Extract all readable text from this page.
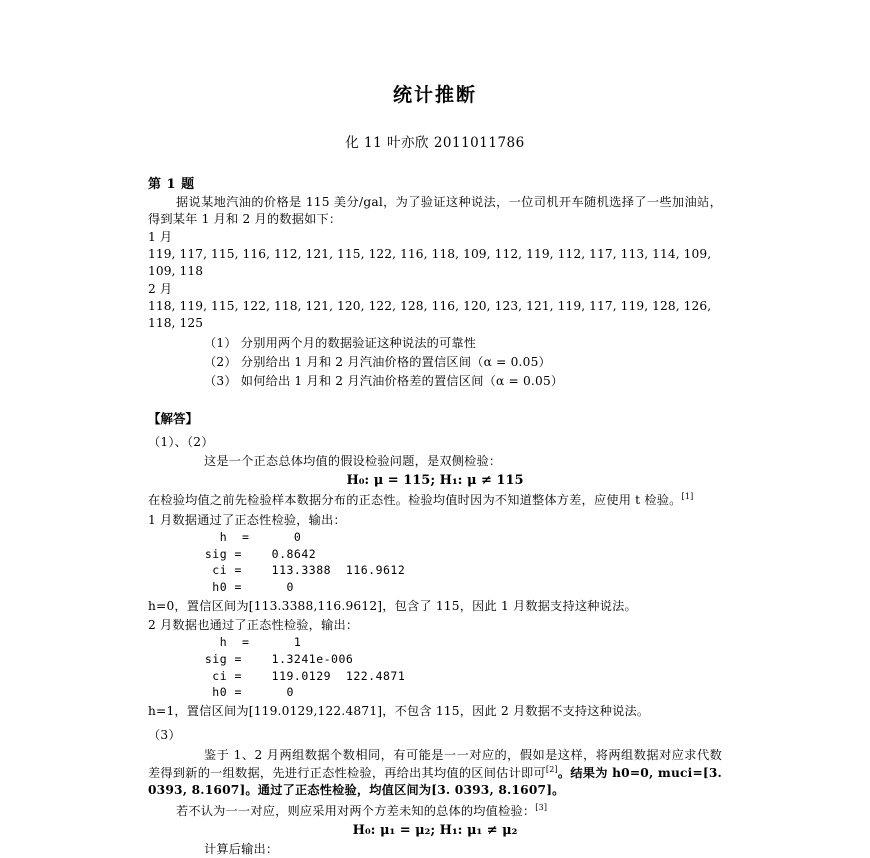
统计推断
化 11 叶亦欣 2011011786
第 1 题

据说某地汽油的价格是 115 美分/gal，为了验证这种说法，一位司机开车随机选择了一些加油站，得到某年 1 月和 2 月的数据如下：

1 月

119, 117, 115, 116, 112, 121, 115, 122, 116, 118, 109, 112, 119, 112, 117, 113, 114, 109, 109, 118

2 月

118, 119, 115, 122, 118, 121, 120, 122, 128, 116, 120, 123, 121, 119, 117, 119, 128, 126, 118, 125

（1） 分别用两个月的数据验证这种说法的可靠性

（2） 分别给出 1 月和 2 月汽油价格的置信区间（α = 0.05）

（3） 如何给出 1 月和 2 月汽油价格差的置信区间（α = 0.05）

【解答】

（1）、（2）

这是一个正态总体均值的假设检验问题，是双侧检验：

H₀: μ = 115; H₁: μ ≠ 115

在检验均值之前先检验样本数据分布的正态性。检验均值时因为不知道整体方差，应使用 t 检验。[1]

1 月数据通过了正态性检验，输出：

h  =      0
sig =    0.8642
ci =    113.3388  116.9612
h0 =      0

h=0，置信区间为[113.3388,116.9612]，包含了 115，因此 1 月数据支持这种说法。

2 月数据也通过了正态性检验，输出：

h  =      1
sig =    1.3241e-006
ci =    119.0129  122.4871
h0 =      0

h=1，置信区间为[119.0129,122.4871]，不包含 115，因此 2 月数据不支持这种说法。

（3）

鉴于 1、2 月两组数据个数相同，有可能是一一对应的，假如是这样，将两组数据对应求代数差得到新的一组数据，先进行正态性检验，再给出其均值的区间估计即可[2]。结果为 h0=0, muci=[3. 0393, 8.1607]。通过了正态性检验，均值区间为[3. 0393, 8.1607]。

若不认为一一对应，则应采用对两个方差未知的总体的均值检验：[3]

H₀: μ₁ = μ₂; H₁: μ₁ ≠ μ₂

计算后输出：
